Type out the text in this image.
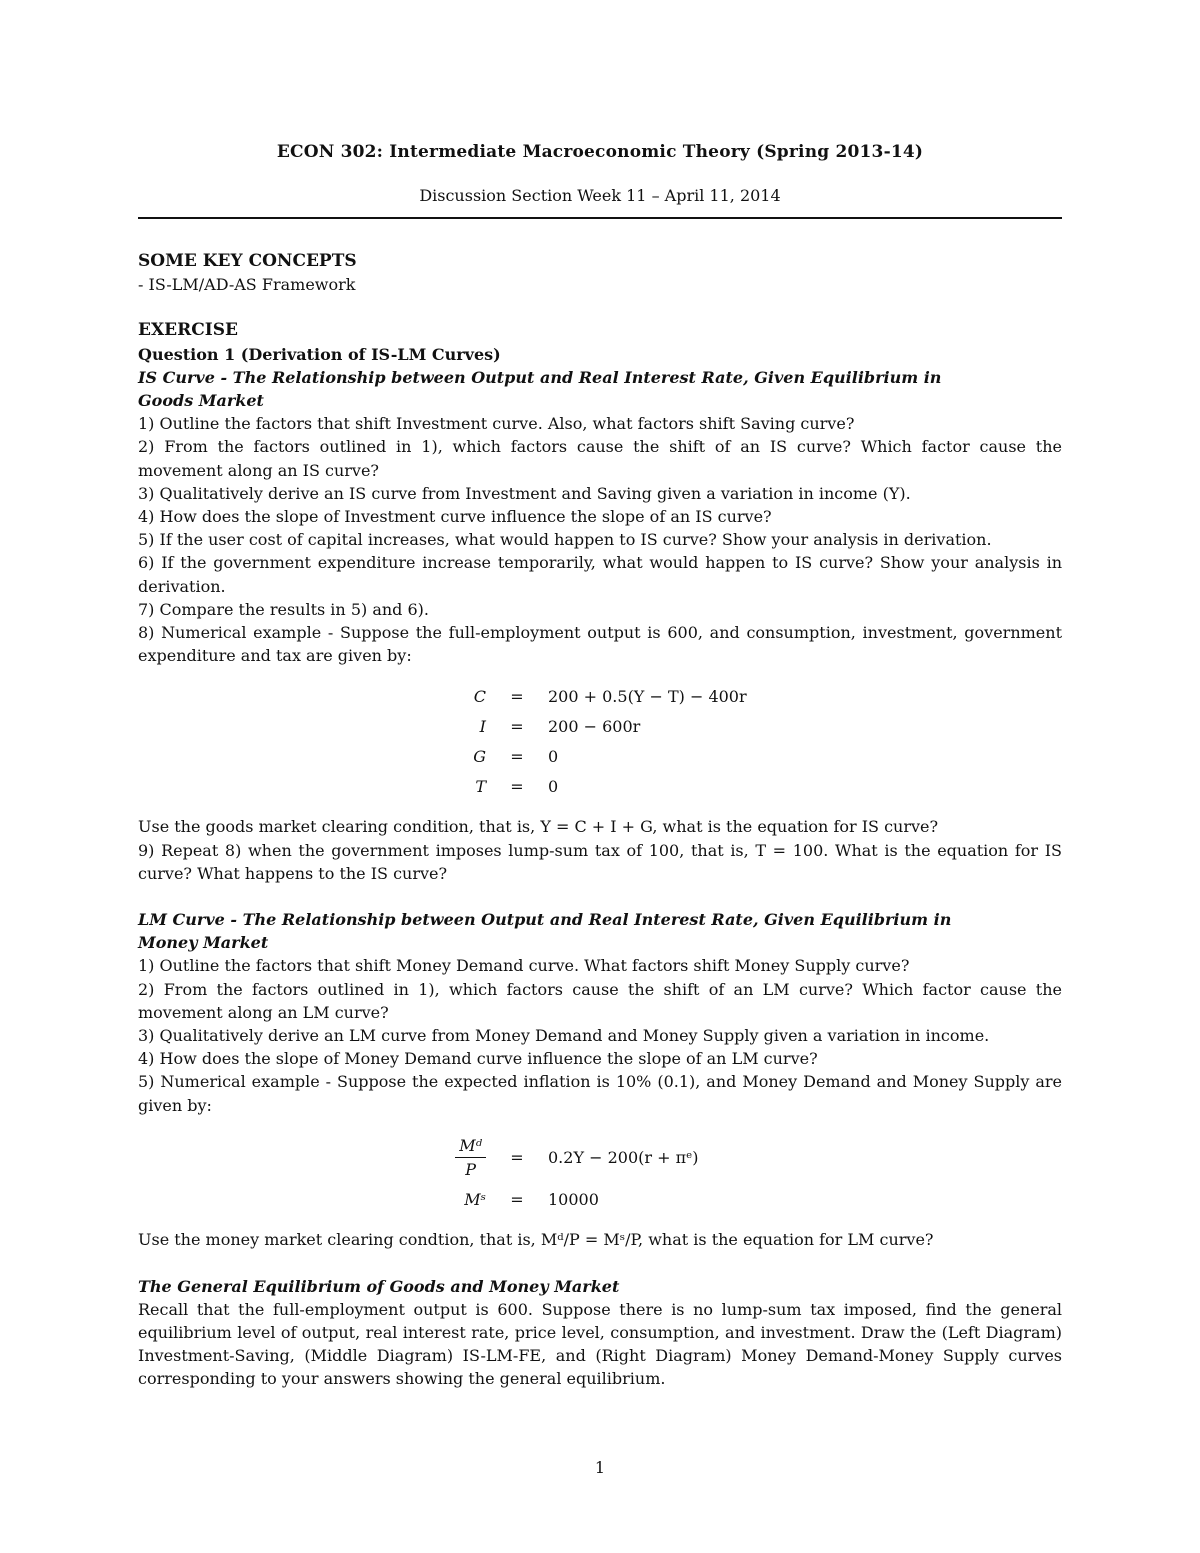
ECON 302: Intermediate Macroeconomic Theory (Spring 2013-14)
Discussion Section Week 11 – April 11, 2014
SOME KEY CONCEPTS
- IS-LM/AD-AS Framework
EXERCISE
Question 1 (Derivation of IS-LM Curves)
IS Curve - The Relationship between Output and Real Interest Rate, Given Equilibrium in
Goods Market

1) Outline the factors that shift Investment curve. Also, what factors shift Saving curve?

2) From the factors outlined in 1), which factors cause the shift of an IS curve? Which factor cause the movement along an IS curve?

3) Qualitatively derive an IS curve from Investment and Saving given a variation in income (Y).

4) How does the slope of Investment curve influence the slope of an IS curve?

5) If the user cost of capital increases, what would happen to IS curve? Show your analysis in derivation.

6) If the government expenditure increase temporarily, what would happen to IS curve? Show your analysis in derivation.

7) Compare the results in 5) and 6).

8) Numerical example - Suppose the full-employment output is 600, and consumption, investment, government expenditure and tax are given by:

C	=	200 + 0.5(Y − T) − 400r
I	=	200 − 600r
G	=	0
T	=	0

Use the goods market clearing condition, that is, Y = C + I + G, what is the equation for IS curve?

9) Repeat 8) when the government imposes lump-sum tax of 100, that is, T = 100. What is the equation for IS curve? What happens to the IS curve?

LM Curve - The Relationship between Output and Real Interest Rate, Given Equilibrium in
Money Market

1) Outline the factors that shift Money Demand curve. What factors shift Money Supply curve?

2) From the factors outlined in 1), which factors cause the shift of an LM curve? Which factor cause the movement along an LM curve?

3) Qualitatively derive an LM curve from Money Demand and Money Supply given a variation in income.

4) How does the slope of Money Demand curve influence the slope of an LM curve?

5) Numerical example - Suppose the expected inflation is 10% (0.1), and Money Demand and Money Supply are given by:

$\frac{\text{Mᵈ}}{P}$	=	0.2Y − 200(r + πᵉ)
Mˢ	=	10000

Use the money market clearing condtion, that is, Mᵈ/P = Mˢ/P, what is the equation for LM curve?

The General Equilibrium of Goods and Money Market

Recall that the full-employment output is 600. Suppose there is no lump-sum tax imposed, find the general equilibrium level of output, real interest rate, price level, consumption, and investment. Draw the (Left Diagram) Investment-Saving, (Middle Diagram) IS-LM-FE, and (Right Diagram) Money Demand-Money Supply curves corresponding to your answers showing the general equilibrium.

1
